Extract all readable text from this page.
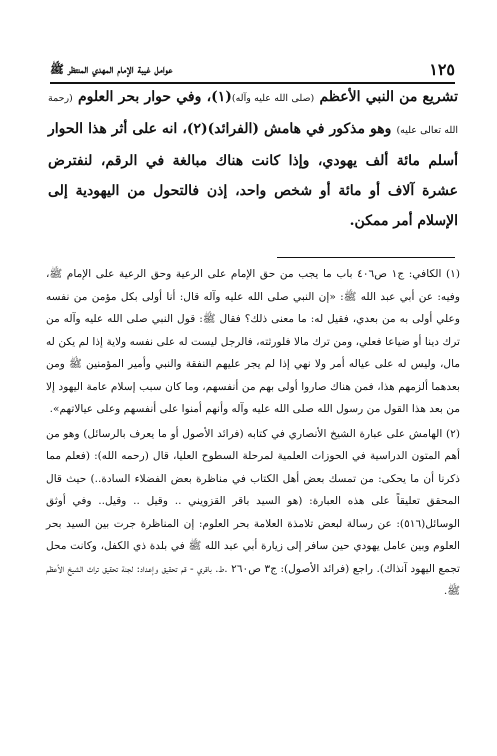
١٢٥
عوامل غيبة الإمام المهدي المنتظر ﷺ

تشريع من النبي الأعظم (صلى الله عليه وآله)(١)، وفي حوار بحر العلوم (رحمة الله تعالى عليه) وهو مذكور في هامش (الفرائد)(٢)، انه على أثر هذا الحوار أسلم مائة ألف يهودي، وإذا كانت هناك مبالغة في الرقم، لنفترض عشرة آلاف أو مائة أو شخص واحد، إذن فالتحول من اليهودية إلى الإسلام أمر ممكن.

(١) الكافي: ج١ ص٤٠٦ باب ما يجب من حق الإمام على الرعية وحق الرعية على الإمام ﷺ، وفيه: عن أبي عبد الله ﷺ: «إن النبي صلى الله عليه وآله قال: أنا أولى بكل مؤمن من نفسه وعلي أولى به من بعدي، فقيل له: ما معنى ذلك؟ فقال ﷺ: قول النبي صلى الله عليه وآله من ترك دينا أو ضياعا فعلي، ومن ترك مالا فلورثته، فالرجل ليست له على نفسه ولاية إذا لم يكن له مال، وليس له على عياله أمر ولا نهي إذا لم يجر عليهم النفقة والنبي وأمير المؤمنين ﷺ ومن بعدهما ألزمهم هذا، فمن هناك صاروا أولى بهم من أنفسهم، وما كان سبب إسلام عامة اليهود إلا من بعد هذا القول من رسول الله صلى الله عليه وآله وأنهم أمنوا على أنفسهم وعلى عيالاتهم».

(٢) الهامش على عبارة الشيخ الأنصاري في كتابه (فرائد الأصول أو ما يعرف بالرسائل) وهو من أهم المتون الدراسية في الحوزات العلمية لمرحلة السطوح العليا، قال (رحمه الله): (فعلم مما ذكرنا أن ما يحكى: من تمسك بعض أهل الكتاب في مناظرة بعض الفضلاء السادة..) حيث قال المحقق تعليقاً على هذه العبارة: (هو السيد باقر القزويني .. وقيل .. وقيل.. وفي أوثق الوسائل(٥١٦): عن رسالة لبعض تلامذة العلامة بحر العلوم: إن المناظرة جرت بين السيد بحر العلوم وبين عامل يهودي حين سافر إلى زيارة أبي عبد الله ﷺ في بلدة ذي الكفل، وكانت محل تجمع اليهود آنذاك). راجع (فرائد الأصول): ج٣ ص٢٦٠ .ط. باقري - قم تحقيق وإعداد: لجنة تحقيق تراث الشيخ الأعظم ﷺ.
